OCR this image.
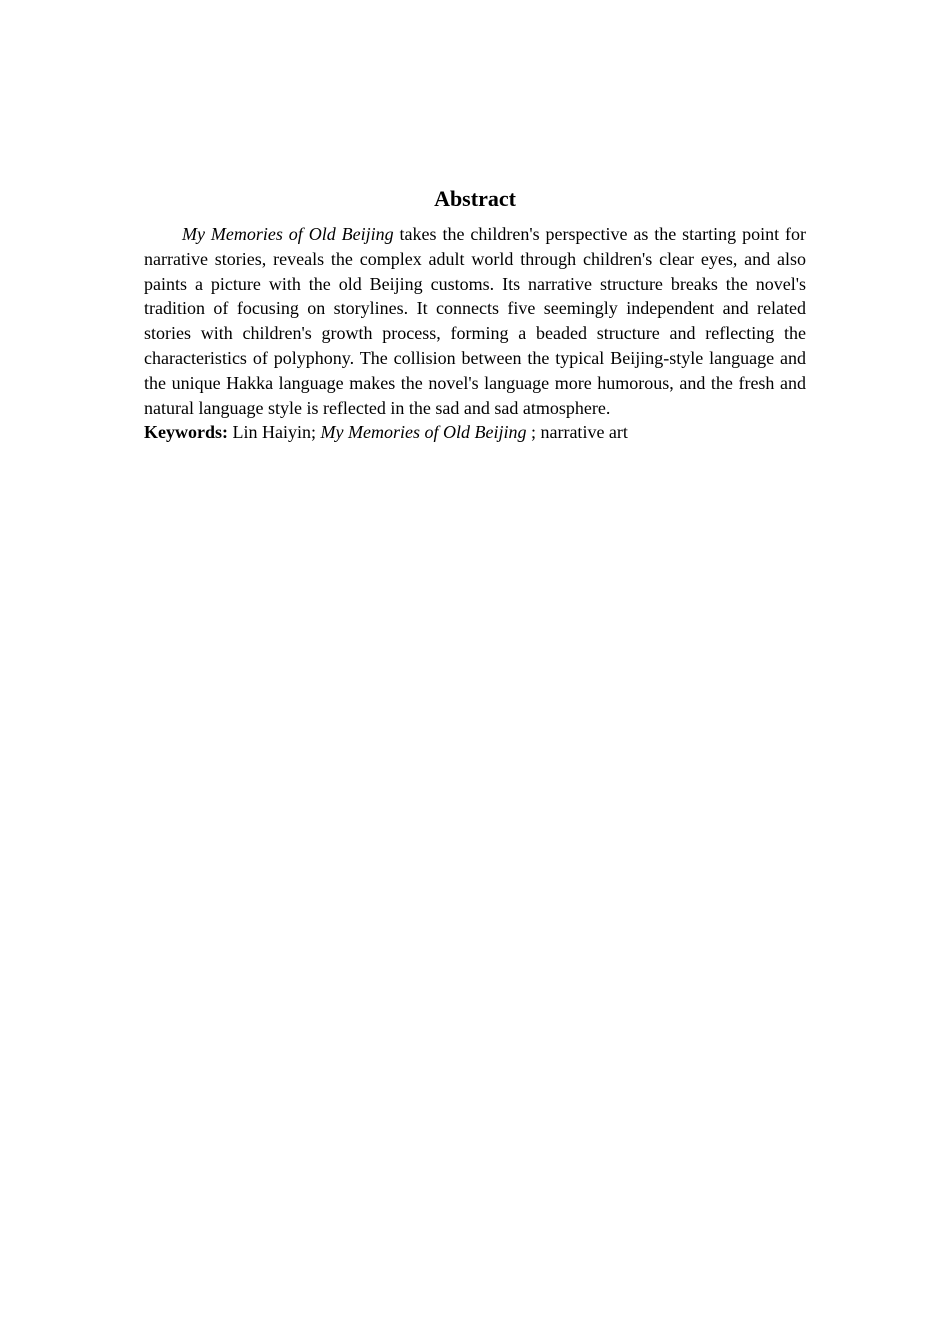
Abstract

My Memories of Old Beijing takes the children's perspective as the starting point for narrative stories, reveals the complex adult world through children's clear eyes, and also paints a picture with the old Beijing customs. Its narrative structure breaks the novel's tradition of focusing on storylines. It connects five seemingly independent and related stories with children's growth process, forming a beaded structure and reflecting the characteristics of polyphony. The collision between the typical Beijing-style language and the unique Hakka language makes the novel's language more humorous, and the fresh and natural language style is reflected in the sad and sad atmosphere.

Keywords: Lin Haiyin; My Memories of Old Beijing ; narrative art
